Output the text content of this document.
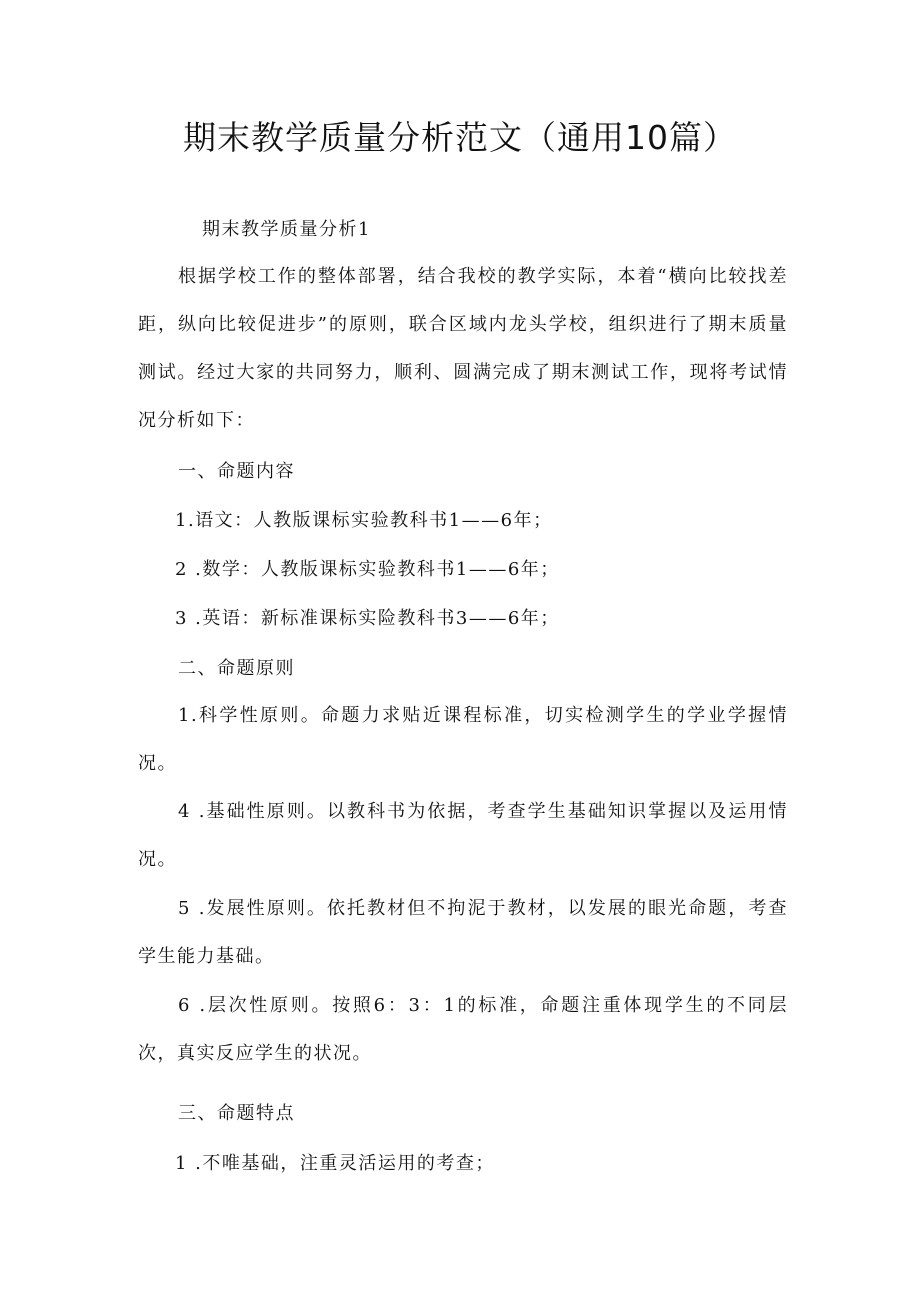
期末教学质量分析范文（通用10篇）

期末教学质量分析1

根据学校工作的整体部署，结合我校的教学实际，本着“横向比较找差距，纵向比较促进步”的原则，联合区域内龙头学校，组织进行了期末质量测试。经过大家的共同努力，顺利、圆满完成了期末测试工作，现将考试情况分析如下：

一、命题内容

1.语文：人教版课标实验教科书1——6年；

2 .数学：人教版课标实验教科书1——6年；

3 .英语：新标准课标实险教科书3——6年；

二、命题原则

1.科学性原则。命题力求贴近课程标准，切实检测学生的学业学握情况。

4 .基础性原则。以教科书为依据，考查学生基础知识掌握以及运用情况。

5 .发展性原则。依托教材但不拘泥于教材，以发展的眼光命题，考查学生能力基础。

6 .层次性原则。按照6：3：1的标准，命题注重体现学生的不同层次，真实反应学生的状况。

三、命题特点

1 .不唯基础，注重灵活运用的考查；
